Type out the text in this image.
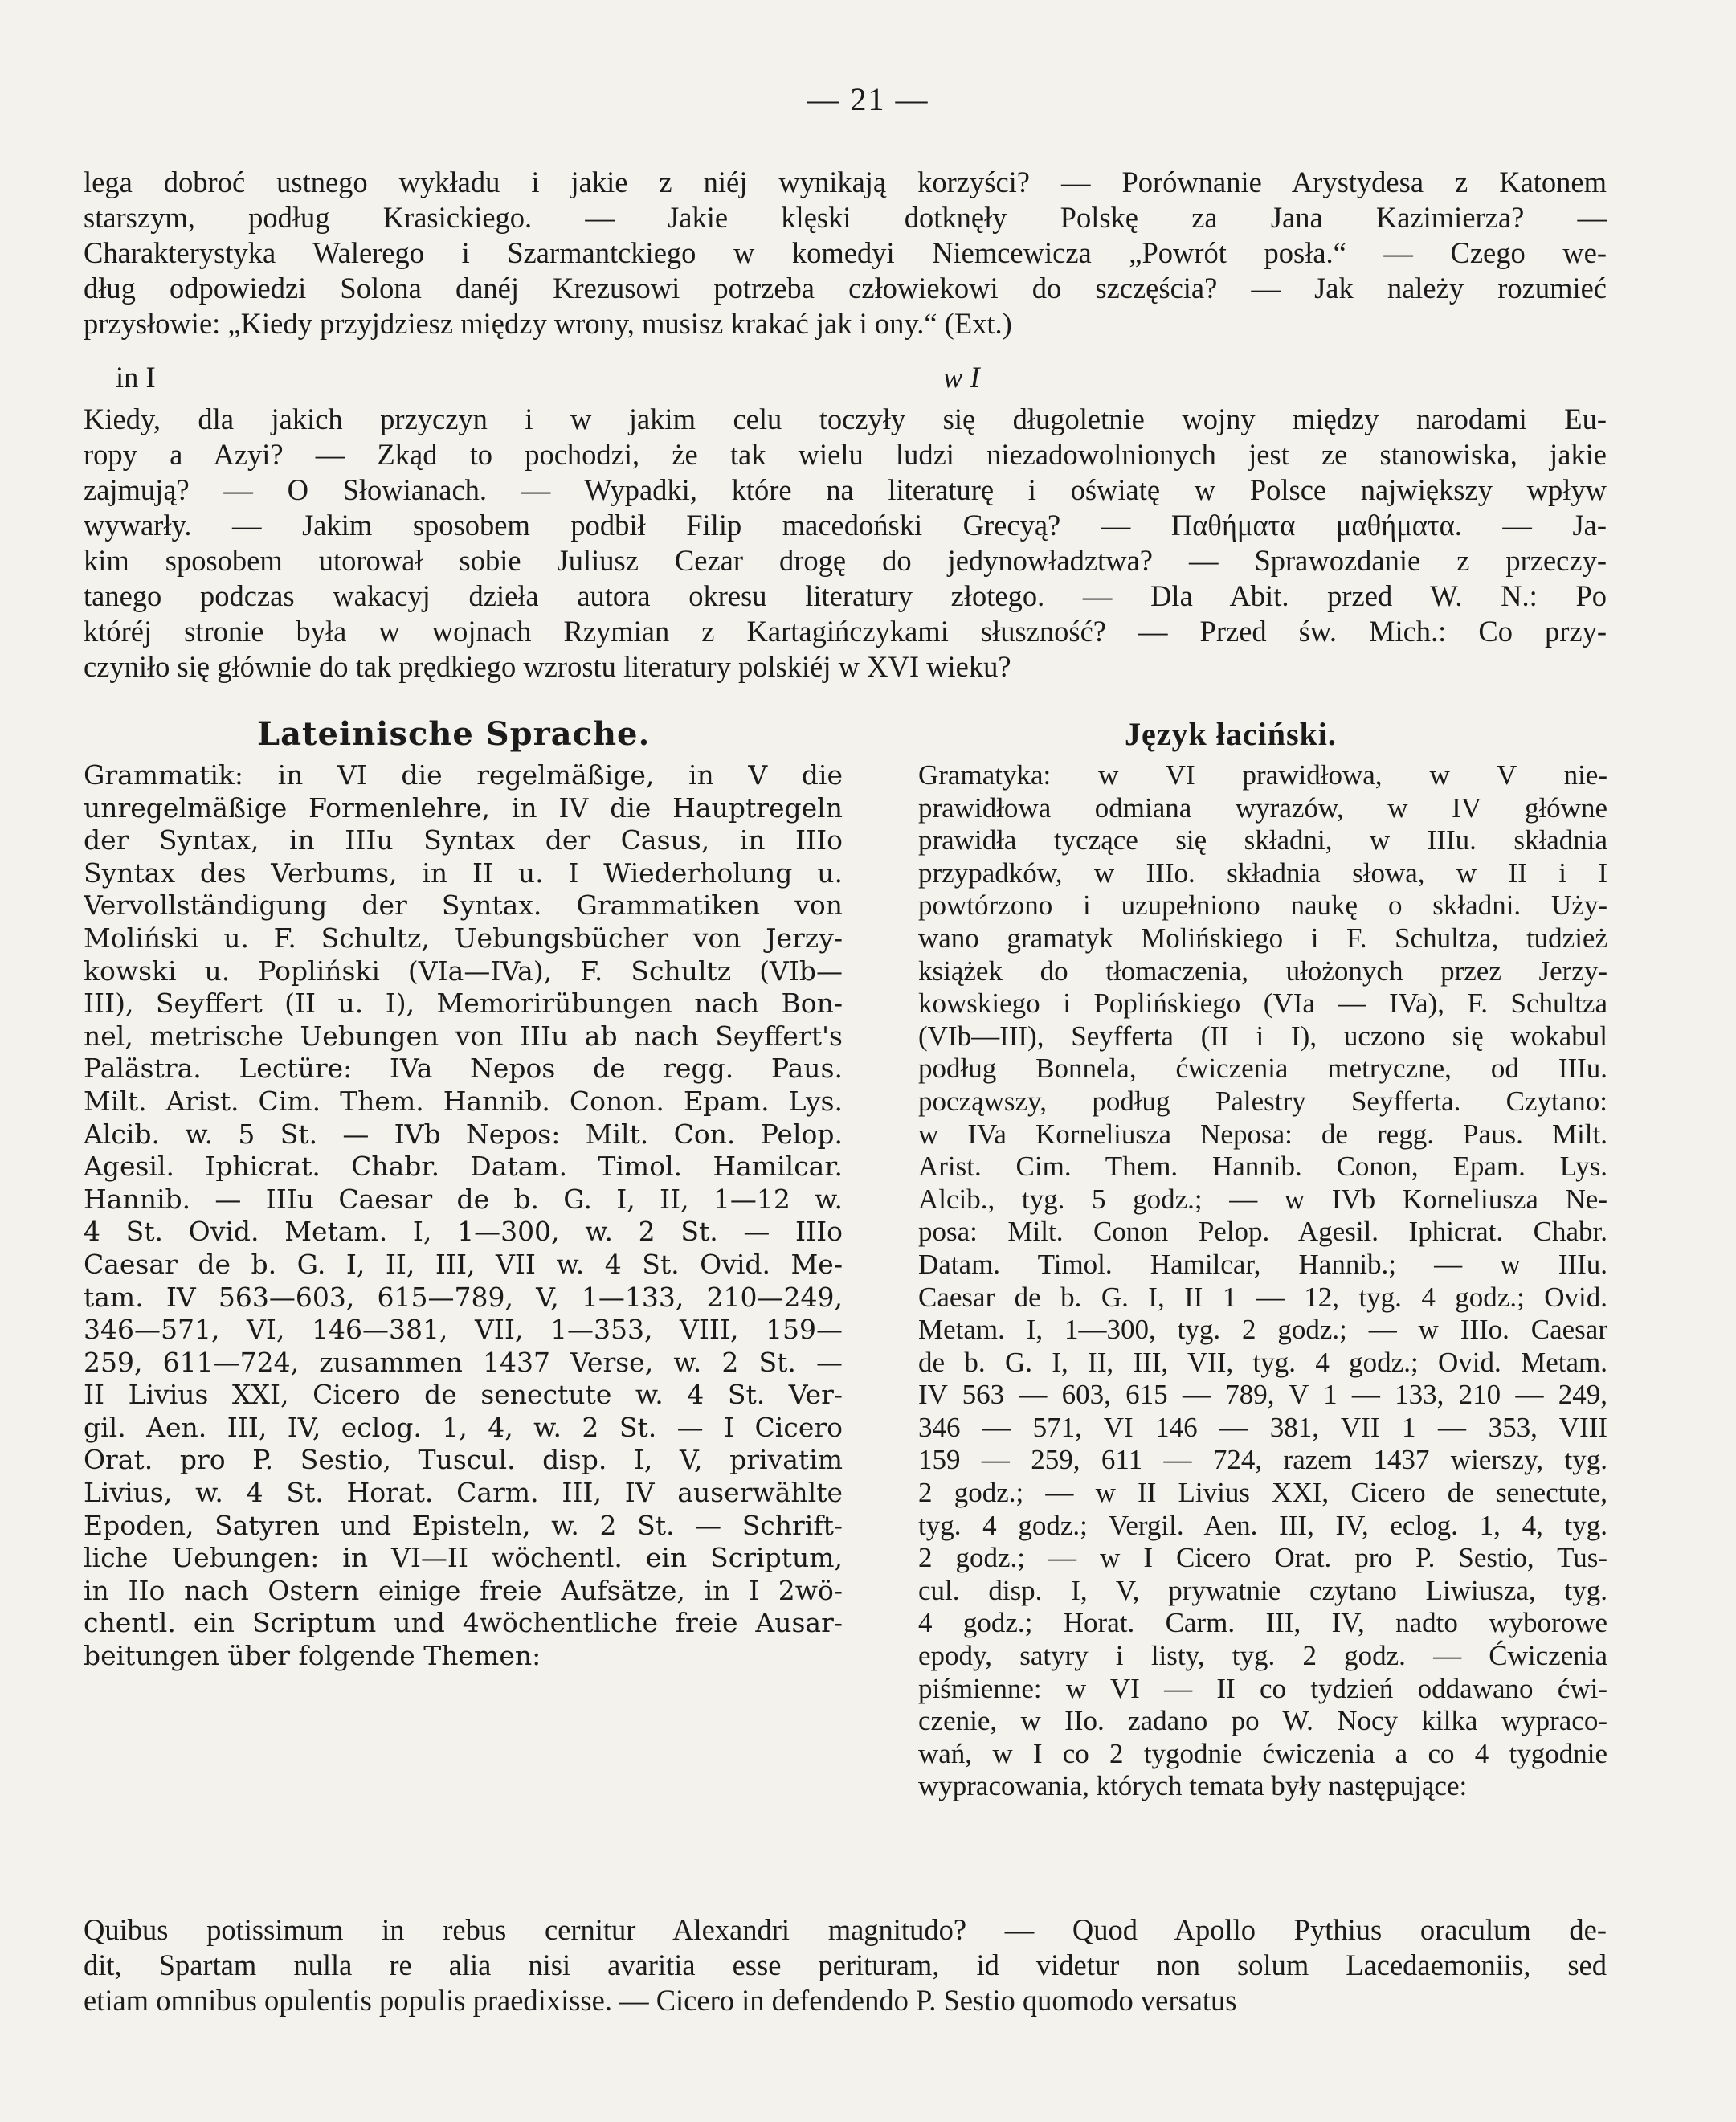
— 21 —
lega dobroć ustnego wykładu i jakie z niéj wynikają korzyści? — Porównanie Arystydesa z Katonem
starszym, podług Krasickiego. — Jakie klęski dotknęły Polskę za Jana Kazimierza? —
Charakterystyka Walerego i Szarmantckiego w komedyi Niemcewicza „Powrót posła.“ — Czego we-
dług odpowiedzi Solona danéj Krezusowi potrzeba człowiekowi do szczęścia? — Jak należy rozumieć
przysłowie: „Kiedy przyjdziesz między wrony, musisz krakać jak i ony.“ (Ext.)
in I	w I
Kiedy, dla jakich przyczyn i w jakim celu toczyły się długoletnie wojny między narodami Eu-
ropy a Azyi? — Zkąd to pochodzi, że tak wielu ludzi niezadowolnionych jest ze stanowiska, jakie
zajmują? — O Słowianach. — Wypadki, które na literaturę i oświatę w Polsce największy wpływ
wywarły. — Jakim sposobem podbił Filip macedoński Grecyą? — Παθήματα μαθήματα. — Ja-
kim sposobem utorował sobie Juliusz Cezar drogę do jedynowładztwa? — Sprawozdanie z przeczy-
tanego podczas wakacyj dzieła autora okresu literatury złotego. — Dla Abit. przed W. N.: Po
któréj stronie była w wojnach Rzymian z Kartagińczykami słuszność? — Przed św. Mich.: Co przy-
czyniło się głównie do tak prędkiego wzrostu literatury polskiéj w XVI wieku?
Lateinische Sprache.	Język łaciński.
Grammatik: in VI die regelmäßige, in V die
unregelmäßige Formenlehre, in IV die Hauptregeln
der Syntax, in IIIu Syntax der Casus, in IIIo
Syntax des Verbums, in II u. I Wiederholung u.
Vervollständigung der Syntax. Grammatiken von
Moliński u. F. Schultz, Uebungsbücher von Jerzy-
kowski u. Popliński (VIa—IVa), F. Schultz (VIb—
III), Seyffert (II u. I), Memorirübungen nach Bon-
nel, metrische Uebungen von IIIu ab nach Seyffert's
Palästra. Lectüre: IVa Nepos de regg. Paus.
Milt. Arist. Cim. Them. Hannib. Conon. Epam. Lys.
Alcib. w. 5 St. — IVb Nepos: Milt. Con. Pelop.
Agesil. Iphicrat. Chabr. Datam. Timol. Hamilcar.
Hannib. — IIIu Caesar de b. G. I, II, 1—12 w.
4 St. Ovid. Metam. I, 1—300, w. 2 St. — IIIo
Caesar de b. G. I, II, III, VII w. 4 St. Ovid. Me-
tam. IV 563—603, 615—789, V, 1—133, 210—249,
346—571, VI, 146—381, VII, 1—353, VIII, 159—
259, 611—724, zusammen 1437 Verse, w. 2 St. —
II Livius XXI, Cicero de senectute w. 4 St. Ver-
gil. Aen. III, IV, eclog. 1, 4, w. 2 St. — I Cicero
Orat. pro P. Sestio, Tuscul. disp. I, V, privatim
Livius, w. 4 St. Horat. Carm. III, IV auserwählte
Epoden, Satyren und Episteln, w. 2 St. — Schrift-
liche Uebungen: in VI—II wöchentl. ein Scriptum,
in IIo nach Ostern einige freie Aufsätze, in I 2wö-
chentl. ein Scriptum und 4wöchentliche freie Ausar-
beitungen über folgende Themen:
Gramatyka: w VI prawidłowa, w V nie-
prawidłowa odmiana wyrazów, w IV główne
prawidła tyczące się składni, w IIIu. składnia
przypadków, w IIIo. składnia słowa, w II i I
powtórzono i uzupełniono naukę o składni. Uży-
wano gramatyk Molińskiego i F. Schultza, tudzież
książek do tłomaczenia, ułożonych przez Jerzy-
kowskiego i Poplińskiego (VIa — IVa), F. Schultza
(VIb—III), Seyfferta (II i I), uczono się wokabul
podług Bonnela, ćwiczenia metryczne, od IIIu.
począwszy, podług Palestry Seyfferta. Czytano:
w IVa Korneliusza Neposa: de regg. Paus. Milt.
Arist. Cim. Them. Hannib. Conon, Epam. Lys.
Alcib., tyg. 5 godz.; — w IVb Korneliusza Ne-
posa: Milt. Conon Pelop. Agesil. Iphicrat. Chabr.
Datam. Timol. Hamilcar, Hannib.; — w IIIu.
Caesar de b. G. I, II 1 — 12, tyg. 4 godz.; Ovid.
Metam. I, 1—300, tyg. 2 godz.; — w IIIo. Caesar
de b. G. I, II, III, VII, tyg. 4 godz.; Ovid. Metam.
IV 563 — 603, 615 — 789, V 1 — 133, 210 — 249,
346 — 571, VI 146 — 381, VII 1 — 353, VIII
159 — 259, 611 — 724, razem 1437 wierszy, tyg.
2 godz.; — w II Livius XXI, Cicero de senectute,
tyg. 4 godz.; Vergil. Aen. III, IV, eclog. 1, 4, tyg.
2 godz.; — w I Cicero Orat. pro P. Sestio, Tus-
cul. disp. I, V, prywatnie czytano Liwiusza, tyg.
4 godz.; Horat. Carm. III, IV, nadto wyborowe
epody, satyry i listy, tyg. 2 godz. — Ćwiczenia
piśmienne: w VI — II co tydzień oddawano ćwi-
czenie, w IIo. zadano po W. Nocy kilka wypraco-
wań, w I co 2 tygodnie ćwiczenia a co 4 tygodnie
wypracowania, których temata były następujące:
Quibus potissimum in rebus cernitur Alexandri magnitudo? — Quod Apollo Pythius oraculum de-
dit, Spartam nulla re alia nisi avaritia esse perituram, id videtur non solum Lacedaemoniis, sed
etiam omnibus opulentis populis praedixisse. — Cicero in defendendo P. Sestio quomodo versatus
